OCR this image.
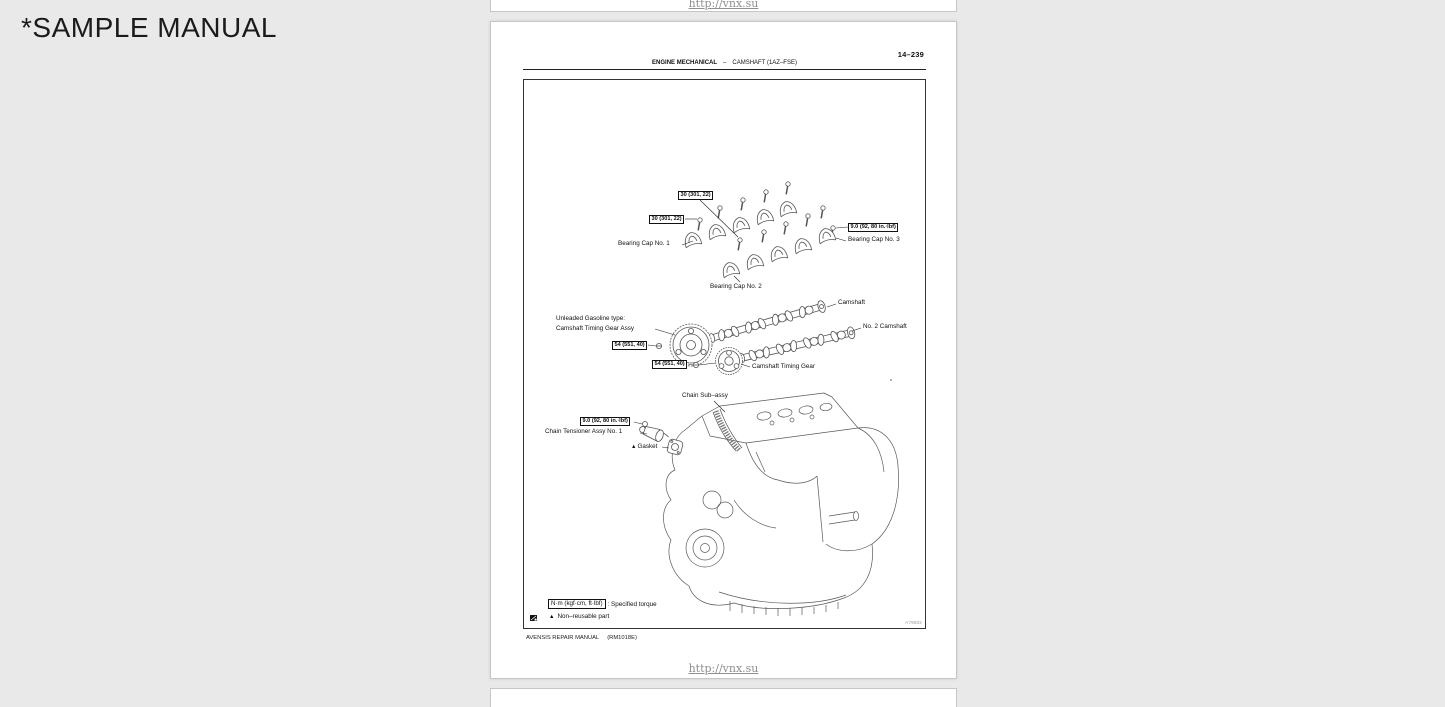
*SAMPLE MANUAL
http://vnx.su
14–239
ENGINE MECHANICAL – CAMSHAFT (1AZ–FSE)
30 (301, 22)
30 (301, 22)
9.0 (92, 80 in.·lbf)
54 (551, 40)
54 (551, 40)
9.0 (92, 80 in.·lbf)
Bearing Cap No. 1
Bearing Cap No. 3
Bearing Cap No. 2
Camshaft
Unleaded Gasoline type:
Camshaft Timing Gear Assy	No. 2 Camshaft
Camshaft Timing Gear
Chain Sub–assy
Chain Tensioner Assy No. 1
▲Gasket
N·m (kgf·cm, ft·lbf) : Specified torque
▲ Non–reusable part
A79802
AVENSIS REPAIR MANUAL (RM1018E)
http://vnx.su
